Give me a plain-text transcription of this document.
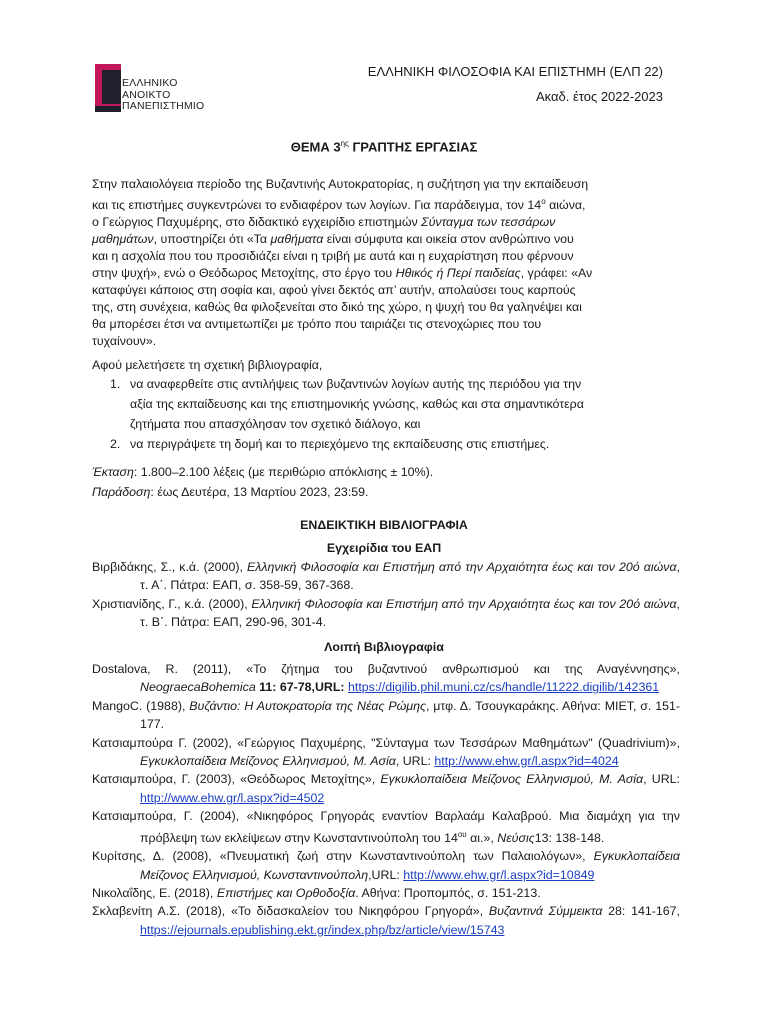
ΕΛΛΗΝΙΚΟ
ΑΝΟΙΚΤΟ
ΠΑΝΕΠΙΣΤΗΜΙΟ
ΕΛΛΗΝΙΚΗ ΦΙΛΟΣΟΦΙΑ ΚΑΙ ΕΠΙΣΤΗΜΗ (ΕΛΠ 22)
Ακαδ. έτος 2022-2023
ΘΕΜΑ $3^{\eta\varsigma}$ ΓΡΑΠΤΗΣ ΕΡΓΑΣΙΑΣ
Στην παλαιολόγεια περίοδο της Βυζαντινής Αυτοκρατορίας, η συζήτηση για την εκπαίδευση
και τις επιστήμες συγκεντρώνει το ενδιαφέρον των λογίων. Για παράδειγμα, τον $14^o$ αιώνα,
ο Γεώργιος Παχυμέρης, στο διδακτικό εγχειρίδιο επιστημών Σύνταγμα των τεσσάρων
μαθημάτων, υποστηρίζει ότι «Τα μαθήματα είναι σύμφυτα και οικεία στον ανθρώπινο νου
και η ασχολία που του προσιδιάζει είναι η τριβή με αυτά και η ευχαρίστηση που φέρνουν
στην ψυχή», ενώ ο Θεόδωρος Μετοχίτης, στο έργο του Ηθικός ή Περί παιδείας, γράφει: «Αν
καταφύγει κάποιος στη σοφία και, αφού γίνει δεκτός απ’ αυτήν, απολαύσει τους καρπούς
της, στη συνέχεια, καθώς θα φιλοξενείται στο δικό της χώρο, η ψυχή του θα γαληνέψει και
θα μπορέσει έτσι να αντιμετωπίζει με τρόπο που ταιριάζει τις στενοχώριες που του
τυχαίνουν».
Αφού μελετήσετε τη σχετική βιβλιογραφία,
1. να αναφερθείτε στις αντιλήψεις των βυζαντινών λογίων αυτής της περιόδου για την
αξία της εκπαίδευσης και της επιστημονικής γνώσης, καθώς και στα σημαντικότερα
ζητήματα που απασχόλησαν τον σχετικό διάλογο, και
2. να περιγράψετε τη δομή και το περιεχόμενο της εκπαίδευσης στις επιστήμες.
Έκταση: 1.800–2.100 λέξεις (με περιθώριο απόκλισης ± 10%).
Παράδοση: έως Δευτέρα, 13 Μαρτίου 2023, 23:59.
ΕΝΔΕΙΚΤΙΚΗ ΒΙΒΛΙΟΓΡΑΦΙΑ
Εγχειρίδια του ΕΑΠ

Βιρβιδάκης, Σ., κ.ά. (2000), Ελληνική Φιλοσοφία και Επιστήμη από την Αρχαιότητα έως και τον 20ό αιώνα, τ. Α΄. Πάτρα: ΕΑΠ, σ. 358-59, 367-368.

Χριστιανίδης, Γ., κ.ά. (2000), Ελληνική Φιλοσοφία και Επιστήμη από την Αρχαιότητα έως και τον 20ό αιώνα, τ. Β΄. Πάτρα: ΕΑΠ, 290-96, 301-4.

Λοιπή Βιβλιογραφία

Dostalova, R. (2011), «Το ζήτημα του βυζαντινού ανθρωπισμού και της Αναγέννησης», NeograecaBohemica 11: 67-78,URL: https://digilib.phil.muni.cz/cs/handle/11222.digilib/142361

MangoC. (1988), Βυζάντιο: Η Αυτοκρατορία της Νέας Ρώμης, μτφ. Δ. Τσουγκαράκης. Αθήνα: ΜΙΕΤ, σ. 151-177.

Κατσιαμπούρα Γ. (2002), «Γεώργιος Παχυμέρης, "Σύνταγμα των Τεσσάρων Μαθημάτων" (Quadrivium)», Εγκυκλοπαίδεια Μείζονος Ελληνισμού, Μ. Ασία, URL: http://www.ehw.gr/l.aspx?id=4024

Κατσιαμπούρα, Γ. (2003), «Θεόδωρος Μετοχίτης», Εγκυκλοπαίδεια Μείζονος Ελληνισμού, Μ. Ασία, URL: http://www.ehw.gr/l.aspx?id=4502

Κατσιαμπούρα, Γ. (2004), «Νικηφόρος Γρηγοράς εναντίον Βαρλαάμ Καλαβρού. Μια διαμάχη για την πρόβλεψη των εκλείψεων στην Κωνσταντινούπολη του $14^{o\upsilon}$ αι.», Νεύσις13: 138-148.

Κυρίτσης, Δ. (2008), «Πνευματική ζωή στην Κωνσταντινούπολη των Παλαιολόγων», Εγκυκλοπαίδεια Μείζονος Ελληνισμού, Κωνσταντινούπολη,URL: http://www.ehw.gr/l.aspx?id=10849

Νικολαΐδης, Ε. (2018), Επιστήμες και Ορθοδοξία. Αθήνα: Προπομπός, σ. 151-213.

Σκλαβενίτη Α.Σ. (2018), «Το διδασκαλείον του Νικηφόρου Γρηγορά», Βυζαντινά Σύμμεικτα 28: 141-167, https://ejournals.epublishing.ekt.gr/index.php/bz/article/view/15743
